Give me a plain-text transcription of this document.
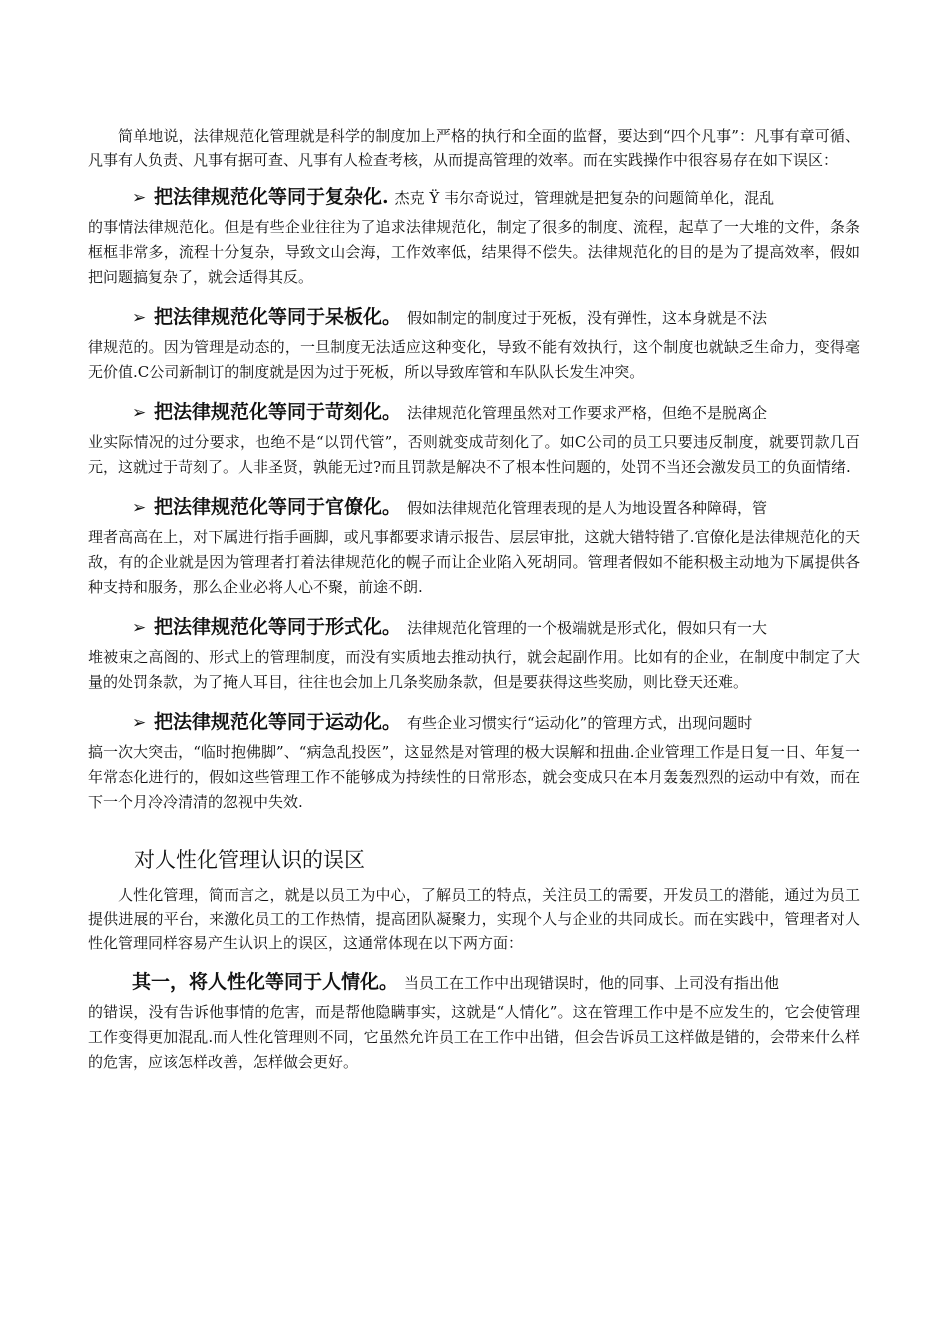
简单地说，法律规范化管理就是科学的制度加上严格的执行和全面的监督，要达到“四个凡事”：凡事有章可循、凡事有人负责、凡事有据可查、凡事有人检查考核，从而提高管理的效率。而在实践操作中很容易存在如下误区：

➢ 把法律规范化等同于复杂化. 杰克 Ÿ 韦尔奇说过，管理就是把复杂的问题简单化，混乱
的事情法律规范化。但是有些企业往往为了追求法律规范化，制定了很多的制度、流程，起草了一大堆的文件，条条框框非常多，流程十分复杂，导致文山会海，工作效率低，结果得不偿失。法律规范化的目的是为了提高效率，假如把问题搞复杂了，就会适得其反。
➢ 把法律规范化等同于呆板化。 假如制定的制度过于死板，没有弹性，这本身就是不法
律规范的。因为管理是动态的，一旦制度无法适应这种变化，导致不能有效执行，这个制度也就缺乏生命力，变得毫无价值.C公司新制订的制度就是因为过于死板，所以导致库管和车队队长发生冲突。
➢ 把法律规范化等同于苛刻化。 法律规范化管理虽然对工作要求严格，但绝不是脱离企
业实际情况的过分要求，也绝不是“以罚代管”，否则就变成苛刻化了。如C公司的员工只要违反制度，就要罚款几百元，这就过于苛刻了。人非圣贤，孰能无过?而且罚款是解决不了根本性问题的，处罚不当还会激发员工的负面情绪.
➢ 把法律规范化等同于官僚化。 假如法律规范化管理表现的是人为地设置各种障碍，管
理者高高在上，对下属进行指手画脚，或凡事都要求请示报告、层层审批，这就大错特错了.官僚化是法律规范化的天敌，有的企业就是因为管理者打着法律规范化的幌子而让企业陷入死胡同。管理者假如不能积极主动地为下属提供各种支持和服务，那么企业必将人心不聚，前途不朗.
➢ 把法律规范化等同于形式化。 法律规范化管理的一个极端就是形式化，假如只有一大
堆被束之高阁的、形式上的管理制度，而没有实质地去推动执行，就会起副作用。比如有的企业，在制度中制定了大量的处罚条款，为了掩人耳目，往往也会加上几条奖励条款，但是要获得这些奖励，则比登天还难。
➢ 把法律规范化等同于运动化。 有些企业习惯实行“运动化”的管理方式，出现问题时
搞一次大突击，“临时抱佛脚”、“病急乱投医”，这显然是对管理的极大误解和扭曲.企业管理工作是日复一日、年复一年常态化进行的，假如这些管理工作不能够成为持续性的日常形态，就会变成只在本月轰轰烈烈的运动中有效，而在下一个月冷冷清清的忽视中失效.
对人性化管理认识的误区

人性化管理，简而言之，就是以员工为中心，了解员工的特点，关注员工的需要，开发员工的潜能，通过为员工提供进展的平台，来激化员工的工作热情，提高团队凝聚力，实现个人与企业的共同成长。而在实践中，管理者对人性化管理同样容易产生认识上的误区，这通常体现在以下两方面：

其一，将人性化等同于人情化。 当员工在工作中出现错误时，他的同事、上司没有指出他
的错误，没有告诉他事情的危害，而是帮他隐瞒事实，这就是“人情化”。这在管理工作中是不应发生的，它会使管理工作变得更加混乱.而人性化管理则不同，它虽然允许员工在工作中出错，但会告诉员工这样做是错的，会带来什么样的危害，应该怎样改善，怎样做会更好。
